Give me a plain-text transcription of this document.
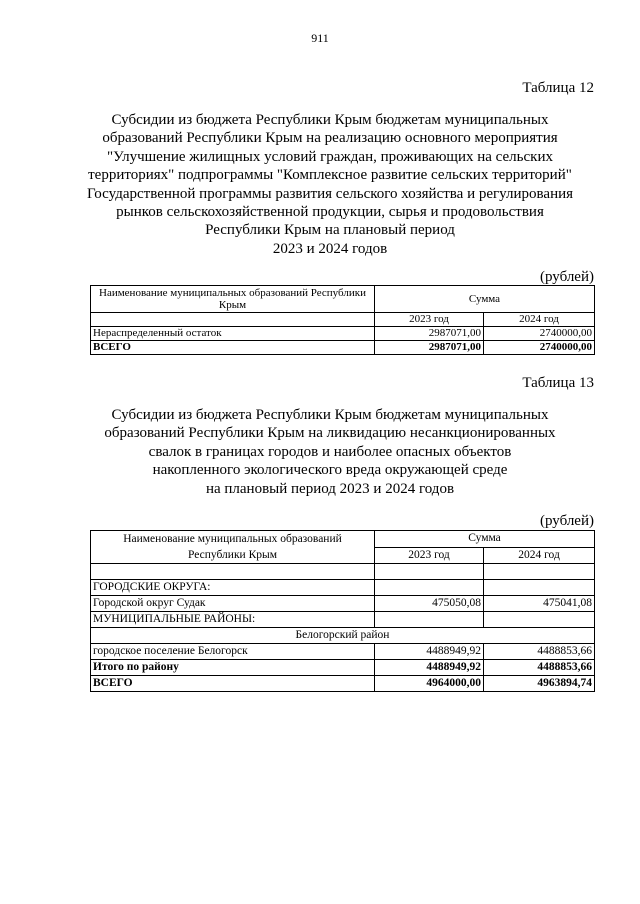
911
Таблица 12
Субсидии из бюджета Республики Крым бюджетам муниципальных
образований Республики Крым на реализацию основного мероприятия
"Улучшение жилищных условий граждан, проживающих на сельских
территориях" подпрограммы "Комплексное развитие сельских территорий"
Государственной программы развития сельского хозяйства и регулирования
рынков сельскохозяйственной продукции, сырья и продовольствия
Республики Крым на плановый период
2023 и 2024 годов
(рублей)
Наименование муниципальных образований Республики Крым	Сумма	

	2023 год	2024 год
Нераспределенный остаток	2987071,00	2740000,00
ВСЕГО	2987071,00	2740000,00
Таблица 13
Субсидии из бюджета Республики Крым бюджетам муниципальных
образований Республики Крым на ликвидацию несанкционированных
свалок в границах городов и наиболее опасных объектов
накопленного экологического вреда окружающей среде
на плановый период 2023 и 2024 годов
(рублей)
Наименование муниципальных образований Республики Крым	Сумма	
	2023 год	2024 год

ГОРОДСКИЕ ОКРУГА:		
Городской округ Судак	475050,08	475041,08
МУНИЦИПАЛЬНЫЕ РАЙОНЫ:		
Белогорский район		
городское поселение Белогорск	4488949,92	4488853,66
Итого по району	4488949,92	4488853,66
ВСЕГО	4964000,00	4963894,74
